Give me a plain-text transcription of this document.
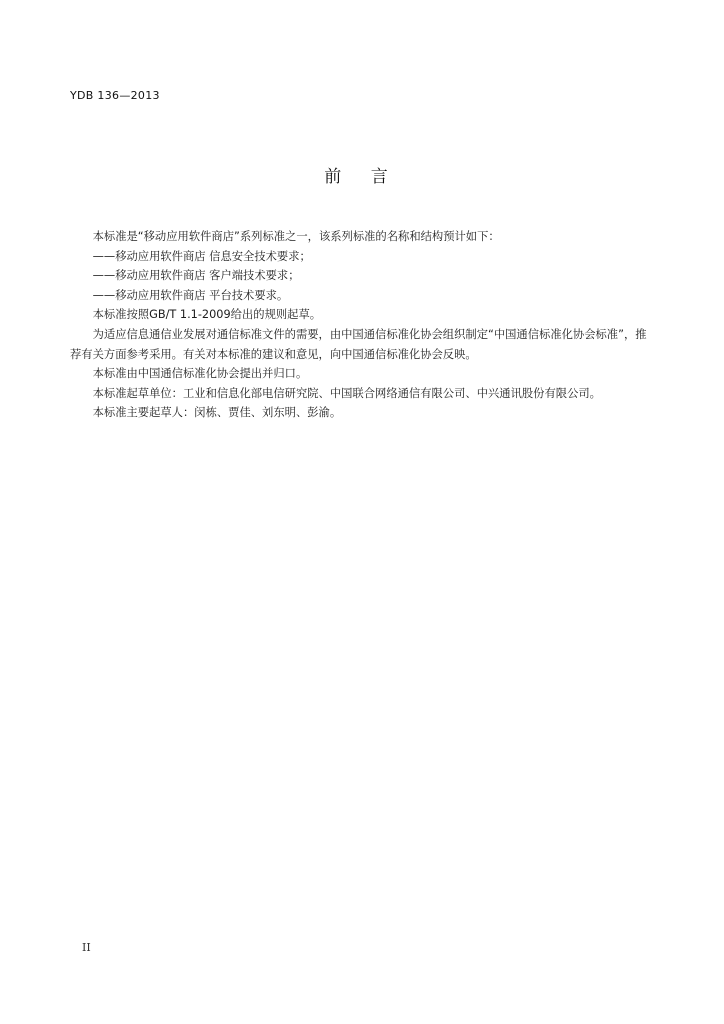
YDB 136—2013
前 言

本标准是“移动应用软件商店”系列标准之一，该系列标准的名称和结构预计如下：

——移动应用软件商店 信息安全技术要求；

——移动应用软件商店 客户端技术要求；

——移动应用软件商店 平台技术要求。

本标准按照GB/T 1.1-2009给出的规则起草。

为适应信息通信业发展对通信标准文件的需要，由中国通信标准化协会组织制定“中国通信标准化协会标准”，推荐有关方面参考采用。有关对本标准的建议和意见，向中国通信标准化协会反映。

本标准由中国通信标准化协会提出并归口。

本标准起草单位：工业和信息化部电信研究院、中国联合网络通信有限公司、中兴通讯股份有限公司。

本标准主要起草人：闵栋、贾佳、刘东明、彭渝。

II
